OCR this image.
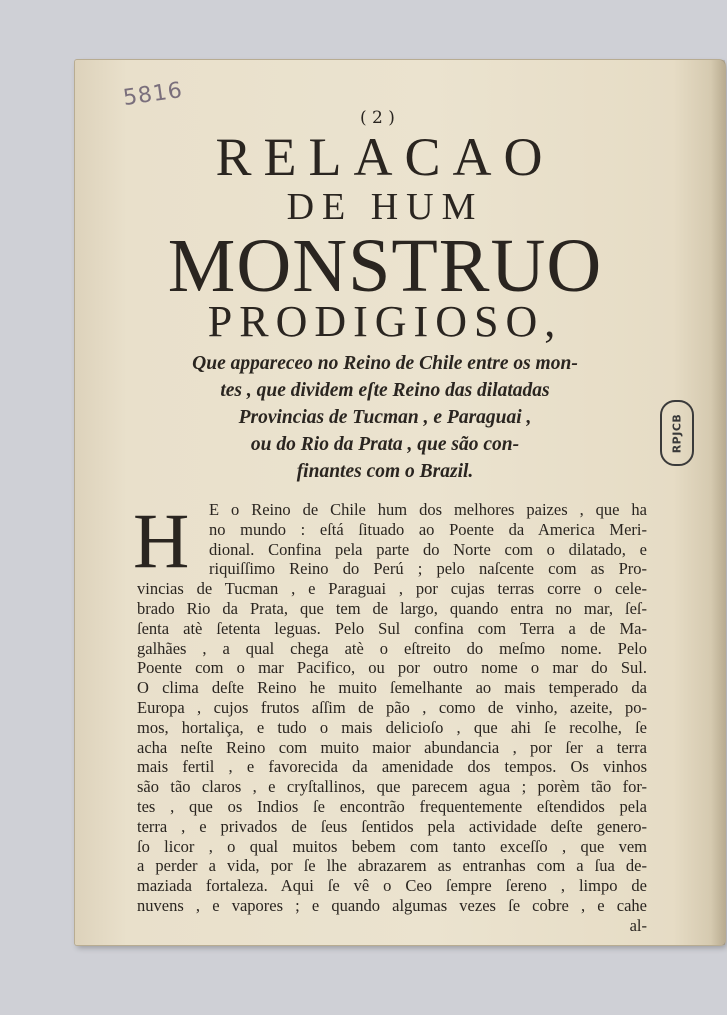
5816
( 2 )
RELACAO
DE HUM
MONSTRUO
PRODIGIOSO,
Que appareceo no Reino de Chile entre os mon-
tes , que dividem eſte Reino das dilatadas
Provincias de Tucman , e Paraguai ,
ou do Rio da Prata , que são con-
finantes com o Brazil.
RPJCB
H	E o Reino de Chile hum dos melhores paizes , que ha
no mundo : eſtá ſituado ao Poente da America Meri-
dional. Confina pela parte do Norte com o dilatado, e
riquiſſimo Reino do Perú ; pelo naſcente com as Pro-
vincias de Tucman , e Paraguai , por cujas terras corre o cele-
brado Rio da Prata, que tem de largo, quando entra no mar, ſeſ-
ſenta atè ſetenta leguas. Pelo Sul confina com Terra a de Ma-
galhães , a qual chega atè o eſtreito do meſmo nome. Pelo
Poente com o mar Pacifico, ou por outro nome o mar do Sul.
O clima deſte Reino he muito ſemelhante ao mais temperado da
Europa , cujos frutos aſſim de pão , como de vinho, azeite, po-
mos, hortaliça, e tudo o mais delicioſo , que ahi ſe recolhe, ſe
acha neſte Reino com muito maior abundancia , por ſer a terra
mais fertil , e favorecida da amenidade dos tempos. Os vinhos
são tão claros , e cryſtallinos, que parecem agua ; porèm tão for-
tes , que os Indios ſe encontrão frequentemente eſtendidos pela
terra , e privados de ſeus ſentidos pela actividade deſte genero-
ſo licor , o qual muitos bebem com tanto exceſſo , que vem
a perder a vida, por ſe lhe abrazarem as entranhas com a ſua de-
maziada fortaleza. Aqui ſe vê o Ceo ſempre ſereno , limpo de
nuvens , e vapores ; e quando algumas vezes ſe cobre , e cahe
al-
